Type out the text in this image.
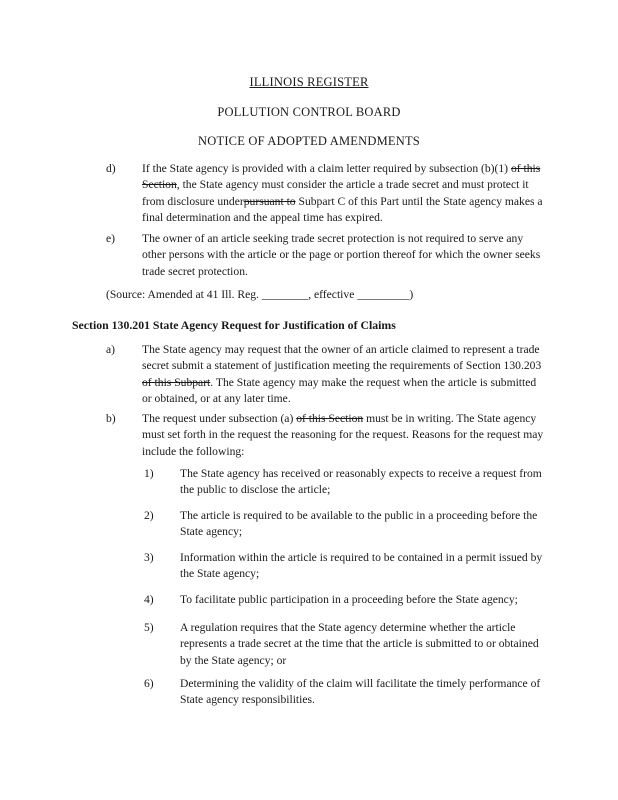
ILLINOIS REGISTER
POLLUTION CONTROL BOARD
NOTICE OF ADOPTED AMENDMENTS
d)	If the State agency is provided with a claim letter required by subsection (b)(1) of this Section, the State agency must consider the article a trade secret and must protect it from disclosure underpursuant to Subpart C of this Part until the State agency makes a final determination and the appeal time has expired.
e)	The owner of an article seeking trade secret protection is not required to serve any other persons with the article or the page or portion thereof for which the owner seeks trade secret protection.
(Source: Amended at 41 Ill. Reg. ________, effective _________)
Section 130.201 State Agency Request for Justification of Claims
a)	The State agency may request that the owner of an article claimed to represent a trade secret submit a statement of justification meeting the requirements of Section 130.203 of this Subpart. The State agency may make the request when the article is submitted or obtained, or at any later time.
b)	The request under subsection (a) of this Section must be in writing. The State agency must set forth in the request the reasoning for the request. Reasons for the request may include the following:
1)	The State agency has received or reasonably expects to receive a request from the public to disclose the article;
2)	The article is required to be available to the public in a proceeding before the State agency;
3)	Information within the article is required to be contained in a permit issued by the State agency;
4)	To facilitate public participation in a proceeding before the State agency;
5)	A regulation requires that the State agency determine whether the article represents a trade secret at the time that the article is submitted to or obtained by the State agency; or
6)	Determining the validity of the claim will facilitate the timely performance of State agency responsibilities.
